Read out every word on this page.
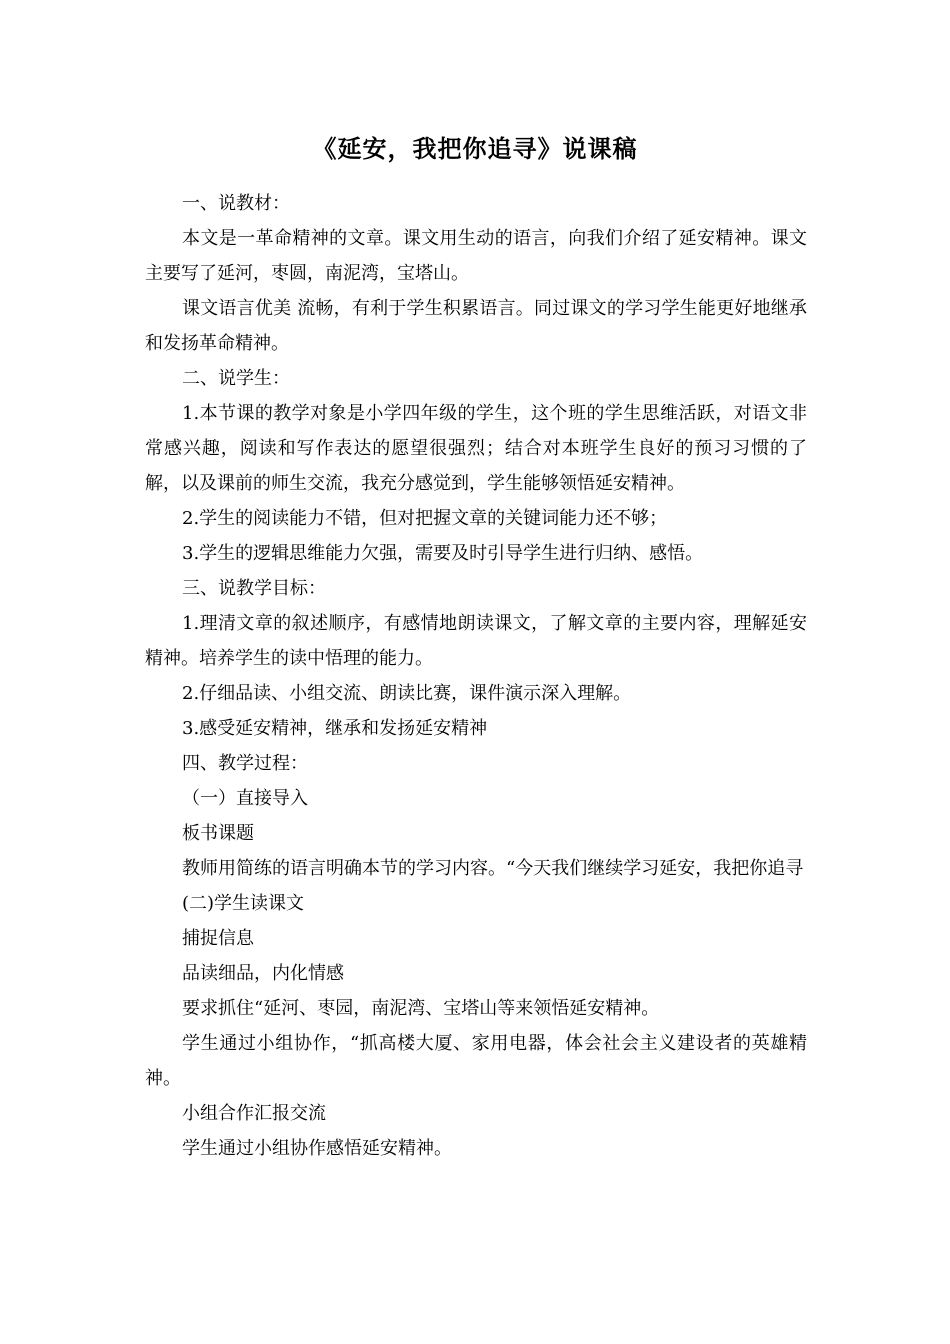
《延安，我把你追寻》说课稿

一、说教材：

本文是一革命精神的文章。课文用生动的语言，向我们介绍了延安精神。课文主要写了延河，枣圆，南泥湾，宝塔山。

课文语言优美 流畅，有利于学生积累语言。同过课文的学习学生能更好地继承和发扬革命精神。

二、说学生：

1.本节课的教学对象是小学四年级的学生，这个班的学生思维活跃，对语文非常感兴趣，阅读和写作表达的愿望很强烈；结合对本班学生良好的预习习惯的了解，以及课前的师生交流，我充分感觉到，学生能够领悟延安精神。

2.学生的阅读能力不错，但对把握文章的关键词能力还不够；

3.学生的逻辑思维能力欠强，需要及时引导学生进行归纳、感悟。

三、说教学目标：

1.理清文章的叙述顺序，有感情地朗读课文，了解文章的主要内容，理解延安精神。培养学生的读中悟理的能力。

2.仔细品读、小组交流、朗读比赛，课件演示深入理解。

3.感受延安精神，继承和发扬延安精神

四、教学过程：

（一）直接导入

板书课题

教师用简练的语言明确本节的学习内容。“今天我们继续学习延安，我把你追寻

(二)学生读课文

捕捉信息

品读细品，内化情感

要求抓住“延河、枣园，南泥湾、宝塔山等来领悟延安精神。

学生通过小组协作，“抓高楼大厦、家用电器，体会社会主义建设者的英雄精神。

小组合作汇报交流

学生通过小组协作感悟延安精神。
